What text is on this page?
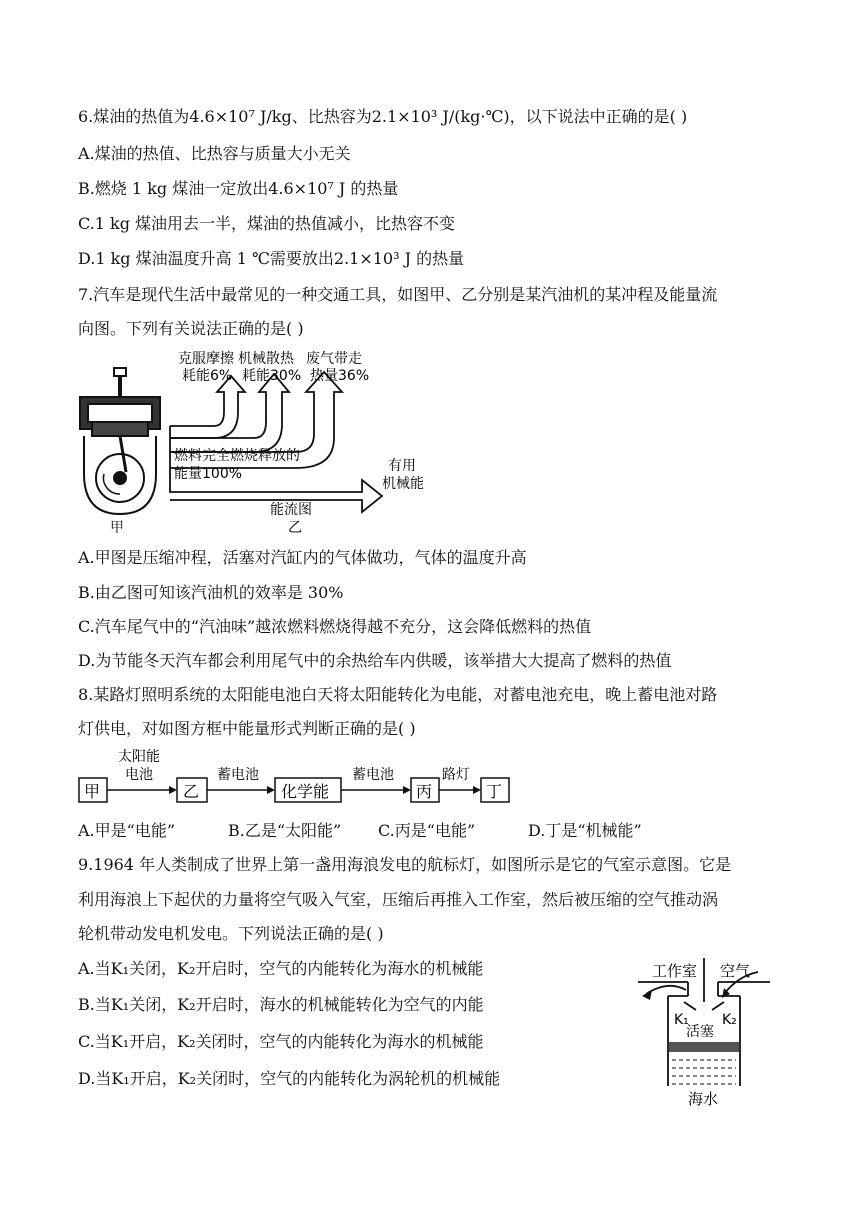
6.煤油的热值为4.6×10⁷ J/kg、比热容为2.1×10³ J/(kg·℃)，以下说法中正确的是( )
A.煤油的热值、比热容与质量大小无关
B.燃烧 1 kg 煤油一定放出4.6×10⁷ J 的热量
C.1 kg 煤油用去一半，煤油的热值减小，比热容不变
D.1 kg 煤油温度升高 1 ℃需要放出2.1×10³ J 的热量
7.汽车是现代生活中最常见的一种交通工具，如图甲、乙分别是某汽油机的某冲程及能量流
向图。下列有关说法正确的是( )
甲
克服摩擦
耗能6%
机械散热
耗能30%
废气带走
热量36%
燃料完全燃烧释放的
能量100%	有用
机械能
能流图
乙
A.甲图是压缩冲程，活塞对汽缸内的气体做功，气体的温度升高
B.由乙图可知该汽油机的效率是 30%
C.汽车尾气中的“汽油味”越浓燃料燃烧得越不充分，这会降低燃料的热值
D.为节能冬天汽车都会利用尾气中的余热给车内供暖，该举措大大提高了燃料的热值
8.某路灯照明系统的太阳能电池白天将太阳能转化为电能，对蓄电池充电，晚上蓄电池对路
灯供电，对如图方框中能量形式判断正确的是( )
甲
太阳能
电池
乙
蓄电池
化学能
蓄电池
丙
路灯
丁
A.甲是“电能”	B.乙是“太阳能” C.丙是“电能”	D.丁是“机械能”
9.1964 年人类制成了世界上第一盏用海浪发电的航标灯，如图所示是它的气室示意图。它是
利用海浪上下起伏的力量将空气吸入气室，压缩后再推入工作室，然后被压缩的空气推动涡
轮机带动发电机发电。下列说法正确的是( )
A.当K₁关闭，K₂开启时，空气的内能转化为海水的机械能
B.当K₁关闭，K₂开启时，海水的机械能转化为空气的内能
C.当K₁开启，K₂关闭时，空气的内能转化为海水的机械能
D.当K₁开启，K₂关闭时，空气的内能转化为涡轮机的机械能
工作室 空气
K₁ K₂
活塞
海水
